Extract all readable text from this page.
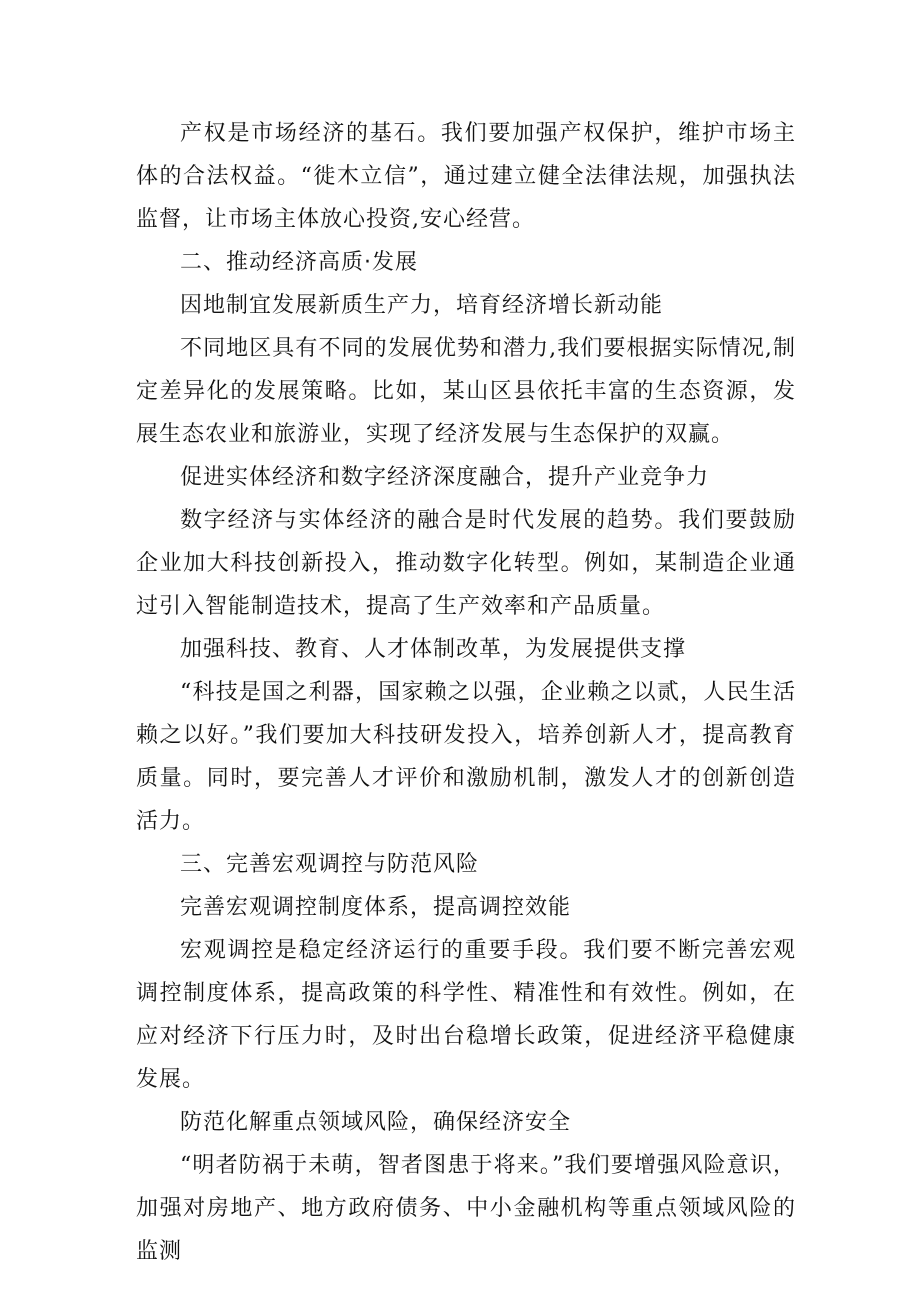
产权是市场经济的基石。我们要加强产权保护，维护市场主体的合法权益。“徙木立信”，通过建立健全法律法规，加强执法监督，让市场主体放心投资,安心经营。

二、推动经济高质·发展

因地制宜发展新质生产力，培育经济增长新动能

不同地区具有不同的发展优势和潜力,我们要根据实际情况,制定差异化的发展策略。比如，某山区县依托丰富的生态资源，发展生态农业和旅游业，实现了经济发展与生态保护的双赢。

促进实体经济和数字经济深度融合，提升产业竞争力

数字经济与实体经济的融合是时代发展的趋势。我们要鼓励企业加大科技创新投入，推动数字化转型。例如，某制造企业通过引入智能制造技术，提高了生产效率和产品质量。

加强科技、教育、人才体制改革，为发展提供支撑

“科技是国之利器，国家赖之以强，企业赖之以贰，人民生活赖之以好。”我们要加大科技研发投入，培养创新人才，提高教育质量。同时，要完善人才评价和激励机制，激发人才的创新创造活力。

三、完善宏观调控与防范风险

完善宏观调控制度体系，提高调控效能

宏观调控是稳定经济运行的重要手段。我们要不断完善宏观调控制度体系，提高政策的科学性、精准性和有效性。例如，在应对经济下行压力时，及时出台稳增长政策，促进经济平稳健康发展。

防范化解重点领域风险，确保经济安全

“明者防祸于未萌，智者图患于将来。”我们要增强风险意识，加强对房地产、地方政府债务、中小金融机构等重点领域风险的监测
